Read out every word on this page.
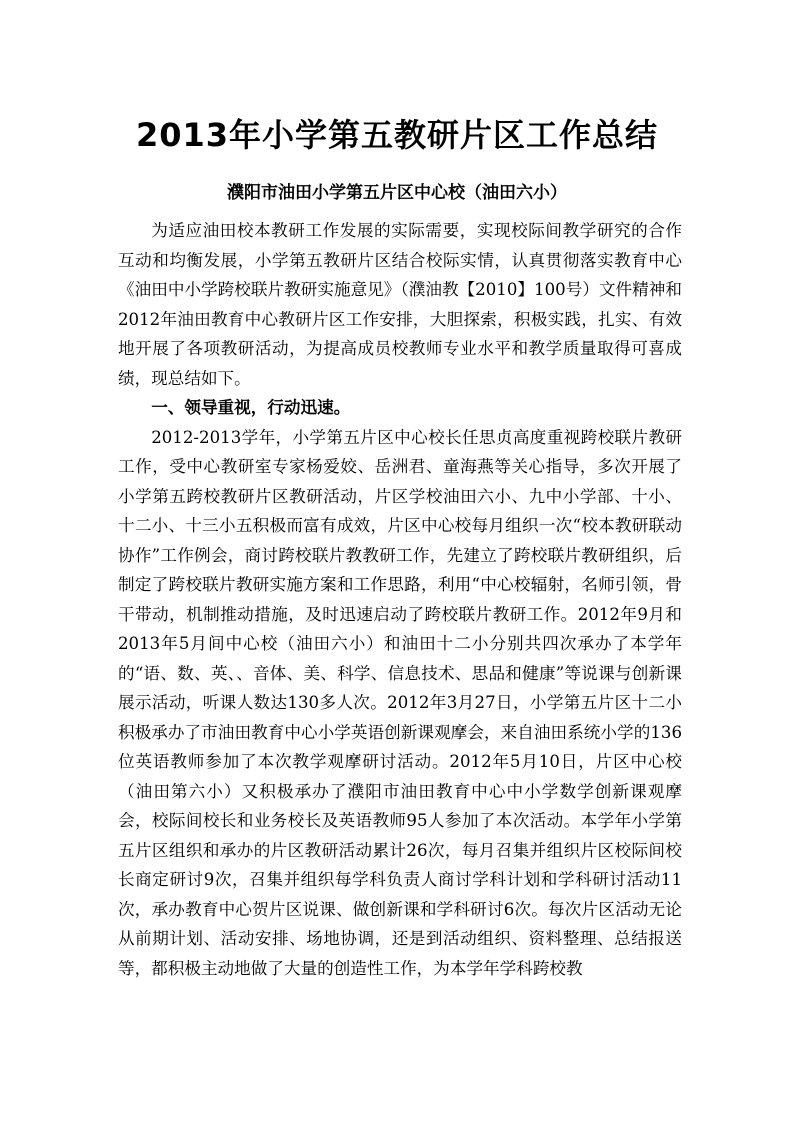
2013年小学第五教研片区工作总结
濮阳市油田小学第五片区中心校（油田六小）

为适应油田校本教研工作发展的实际需要，实现校际间教学研究的合作互动和均衡发展，小学第五教研片区结合校际实情，认真贯彻落实教育中心《油田中小学跨校联片教研实施意见》（濮油教【2010】100号）文件精神和2012年油田教育中心教研片区工作安排，大胆探索，积极实践，扎实、有效地开展了各项教研活动，为提高成员校教师专业水平和教学质量取得可喜成绩，现总结如下。

一、领导重视，行动迅速。

2012-2013学年，小学第五片区中心校长任思贞高度重视跨校联片教研工作，受中心教研室专家杨爱姣、岳洲君、童海燕等关心指导，多次开展了小学第五跨校教研片区教研活动，片区学校油田六小、九中小学部、十小、十二小、十三小五积极而富有成效，片区中心校每月组织一次“校本教研联动协作”工作例会，商讨跨校联片教教研工作，先建立了跨校联片教研组织，后制定了跨校联片教研实施方案和工作思路，利用“中心校辐射，名师引领，骨干带动，机制推动措施，及时迅速启动了跨校联片教研工作。2012年9月和2013年5月间中心校（油田六小）和油田十二小分别共四次承办了本学年的“语、数、英、、音体、美、科学、信息技术、思品和健康”等说课与创新课展示活动，听课人数达130多人次。2012年3月27日，小学第五片区十二小积极承办了市油田教育中心小学英语创新课观摩会，来自油田系统小学的136位英语教师参加了本次教学观摩研讨活动。2012年5月10日，片区中心校（油田第六小）又积极承办了濮阳市油田教育中心中小学数学创新课观摩会，校际间校长和业务校长及英语教师95人参加了本次活动。本学年小学第五片区组织和承办的片区教研活动累计26次，每月召集并组织片区校际间校长商定研讨9次，召集并组织每学科负责人商讨学科计划和学科研讨活动11次，承办教育中心贺片区说课、做创新课和学科研讨6次。每次片区活动无论从前期计划、活动安排、场地协调，还是到活动组织、资料整理、总结报送等，都积极主动地做了大量的创造性工作，为本学年学科跨校教
